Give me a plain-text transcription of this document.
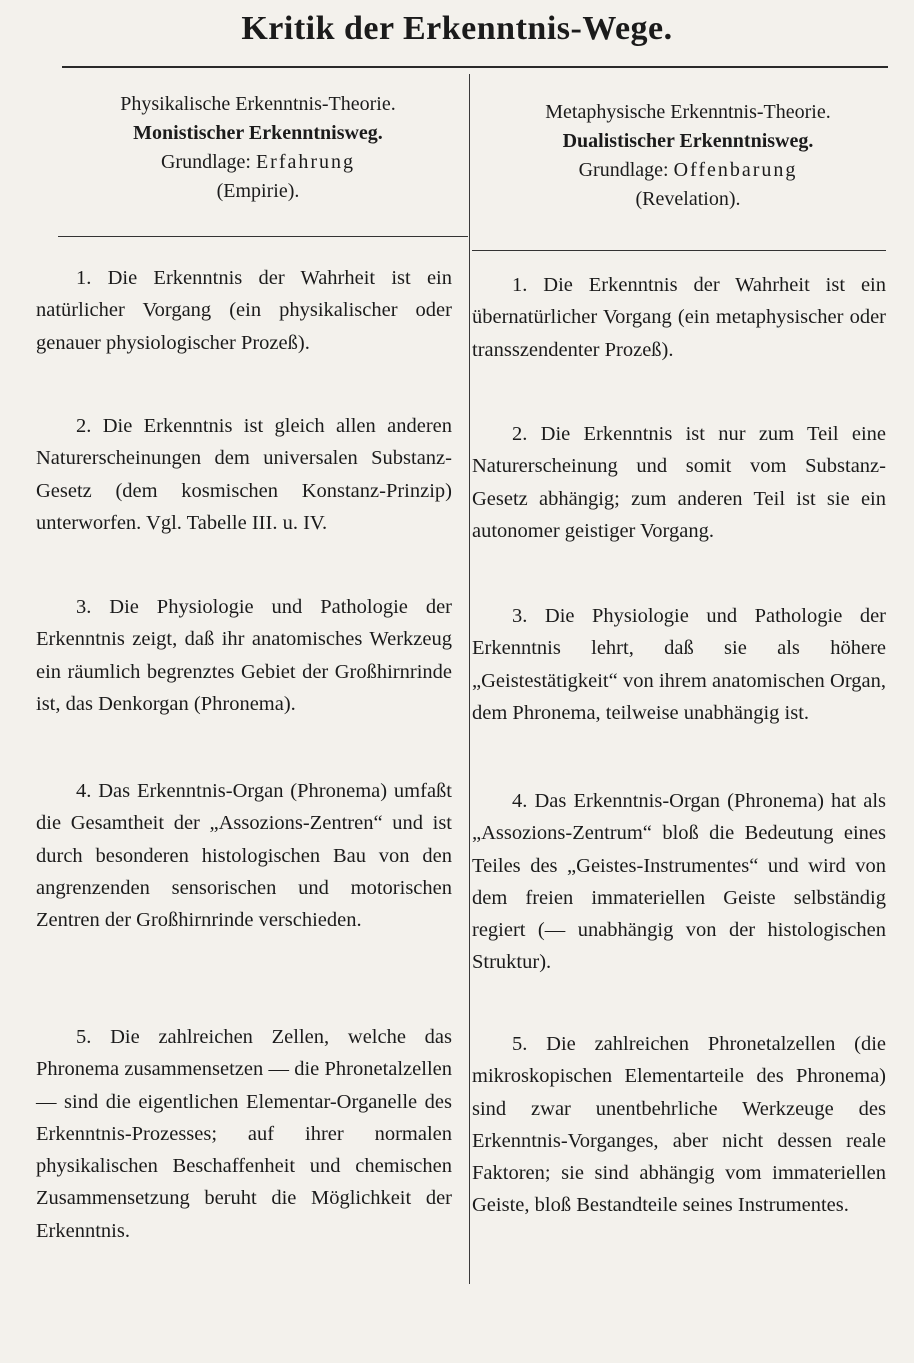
Kritik der Erkenntnis-Wege.
Physikalische Erkenntnis-Theorie.
Monistischer Erkenntnisweg.
Grundlage: Erfahrung
(Empirie).
Metaphysische Erkenntnis-Theorie.
Dualistischer Erkenntnisweg.
Grundlage: Offenbarung
(Revelation).

1. Die Erkenntnis der Wahrheit ist ein natürlicher Vorgang (ein physikalischer oder genauer physiologischer Prozeß).

2. Die Erkenntnis ist gleich allen anderen Naturerscheinungen dem universalen Substanz-Gesetz (dem kosmischen Konstanz-Prinzip) unterworfen. Vgl. Tabelle III. u. IV.

3. Die Physiologie und Pathologie der Erkenntnis zeigt, daß ihr anatomisches Werkzeug ein räumlich begrenztes Gebiet der Großhirnrinde ist, das Denkorgan (Phronema).

4. Das Erkenntnis-Organ (Phronema) umfaßt die Gesamtheit der „Assozions-Zentren“ und ist durch besonderen histologischen Bau von den angrenzenden sensorischen und motorischen Zentren der Großhirnrinde verschieden.

5. Die zahlreichen Zellen, welche das Phronema zusammensetzen — die Phronetalzellen — sind die eigentlichen Elementar-Organelle des Erkenntnis-Prozesses; auf ihrer normalen physikalischen Beschaffenheit und chemischen Zusammensetzung beruht die Möglichkeit der Erkenntnis.

1. Die Erkenntnis der Wahrheit ist ein übernatürlicher Vorgang (ein metaphysischer oder transszendenter Prozeß).

2. Die Erkenntnis ist nur zum Teil eine Naturerscheinung und somit vom Substanz-Gesetz abhängig; zum anderen Teil ist sie ein autonomer geistiger Vorgang.

3. Die Physiologie und Pathologie der Erkenntnis lehrt, daß sie als höhere „Geistestätigkeit“ von ihrem anatomischen Organ, dem Phronema, teilweise unabhängig ist.

4. Das Erkenntnis-Organ (Phronema) hat als „Assozions-Zentrum“ bloß die Bedeutung eines Teiles des „Geistes-Instrumentes“ und wird von dem freien immateriellen Geiste selbständig regiert (— unabhängig von der histologischen Struktur).

5. Die zahlreichen Phronetalzellen (die mikroskopischen Elementarteile des Phronema) sind zwar unentbehrliche Werkzeuge des Erkenntnis-Vorganges, aber nicht dessen reale Faktoren; sie sind abhängig vom immateriellen Geiste, bloß Bestandteile seines Instrumentes.
